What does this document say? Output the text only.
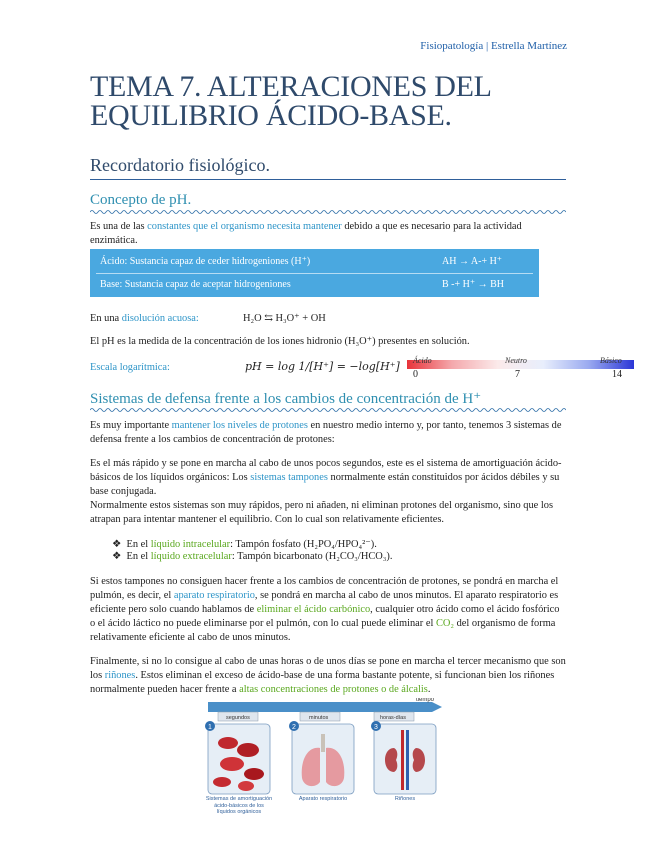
Fisiopatología | Estrella Martínez
TEMA 7. ALTERACIONES DEL
EQUILIBRIO ÁCIDO-BASE.
Recordatorio fisiológico.
Concepto de pH.
Es una de las constantes que el organismo necesita mantener debido a que es necesario para la actividad enzimática.
Ácido: Sustancia capaz de ceder hidrogeniones (H⁺)	AH → A-+ H⁺
Base: Sustancia capaz de aceptar hidrogeniones	B -+ H⁺ → BH
En una disolución acuosa:	H₂O ⇆ H₃O⁺ + OH
El pH es la medida de la concentración de los iones hidronio (H₃O⁺) presentes en solución.
Escala logarítmica:	pH = log 1/[H⁺] = −log[H⁺] Ácido	Neutro	Básico
0	7	14
Sistemas de defensa frente a los cambios de concentración de H⁺
Es muy importante mantener los niveles de protones en nuestro medio interno y, por tanto, tenemos 3 sistemas de defensa frente a los cambios de concentración de protones:
Es el más rápido y se pone en marcha al cabo de unos pocos segundos, este es el sistema de amortiguación ácido-básicos de los líquidos orgánicos: Los sistemas tampones normalmente están constituidos por ácidos débiles y su base conjugada.
Normalmente estos sistemas son muy rápidos, pero ni añaden, ni eliminan protones del organismo, sino que los atrapan para intentar mantener el equilibrio. Con lo cual son relativamente eficientes.
❖  En el líquido intracelular: Tampón fosfato (H₂PO₄/HPO₄²⁻).
❖  En el líquido extracelular: Tampón bicarbonato (H₂CO₃/HCO₃).
Si estos tampones no consiguen hacer frente a los cambios de concentración de protones, se pondrá en marcha el pulmón, es decir, el aparato respiratorio, se pondrá en marcha al cabo de unos minutos. El aparato respiratorio es eficiente pero solo cuando hablamos de eliminar el ácido carbónico, cualquier otro ácido como el ácido fosfórico o el ácido láctico no puede eliminarse por el pulmón, con lo cual puede eliminar el CO₂ del organismo de forma relativamente eficiente al cabo de unos minutos.
Finalmente, si no lo consigue al cabo de unas horas o de unos días se pone en marcha el tercer mecanismo que son los riñones. Estos eliminan el exceso de ácido-base de una forma bastante potente, si funcionan bien los riñones normalmente pueden hacer frente a altas concentraciones de protones o de álcalis.
tiempo
segundos	minutos	horas-días
1	2	3
Sistemas de amortiguación ácido-básicos de los líquidos orgánicos
Aparato respiratorio	Riñones
